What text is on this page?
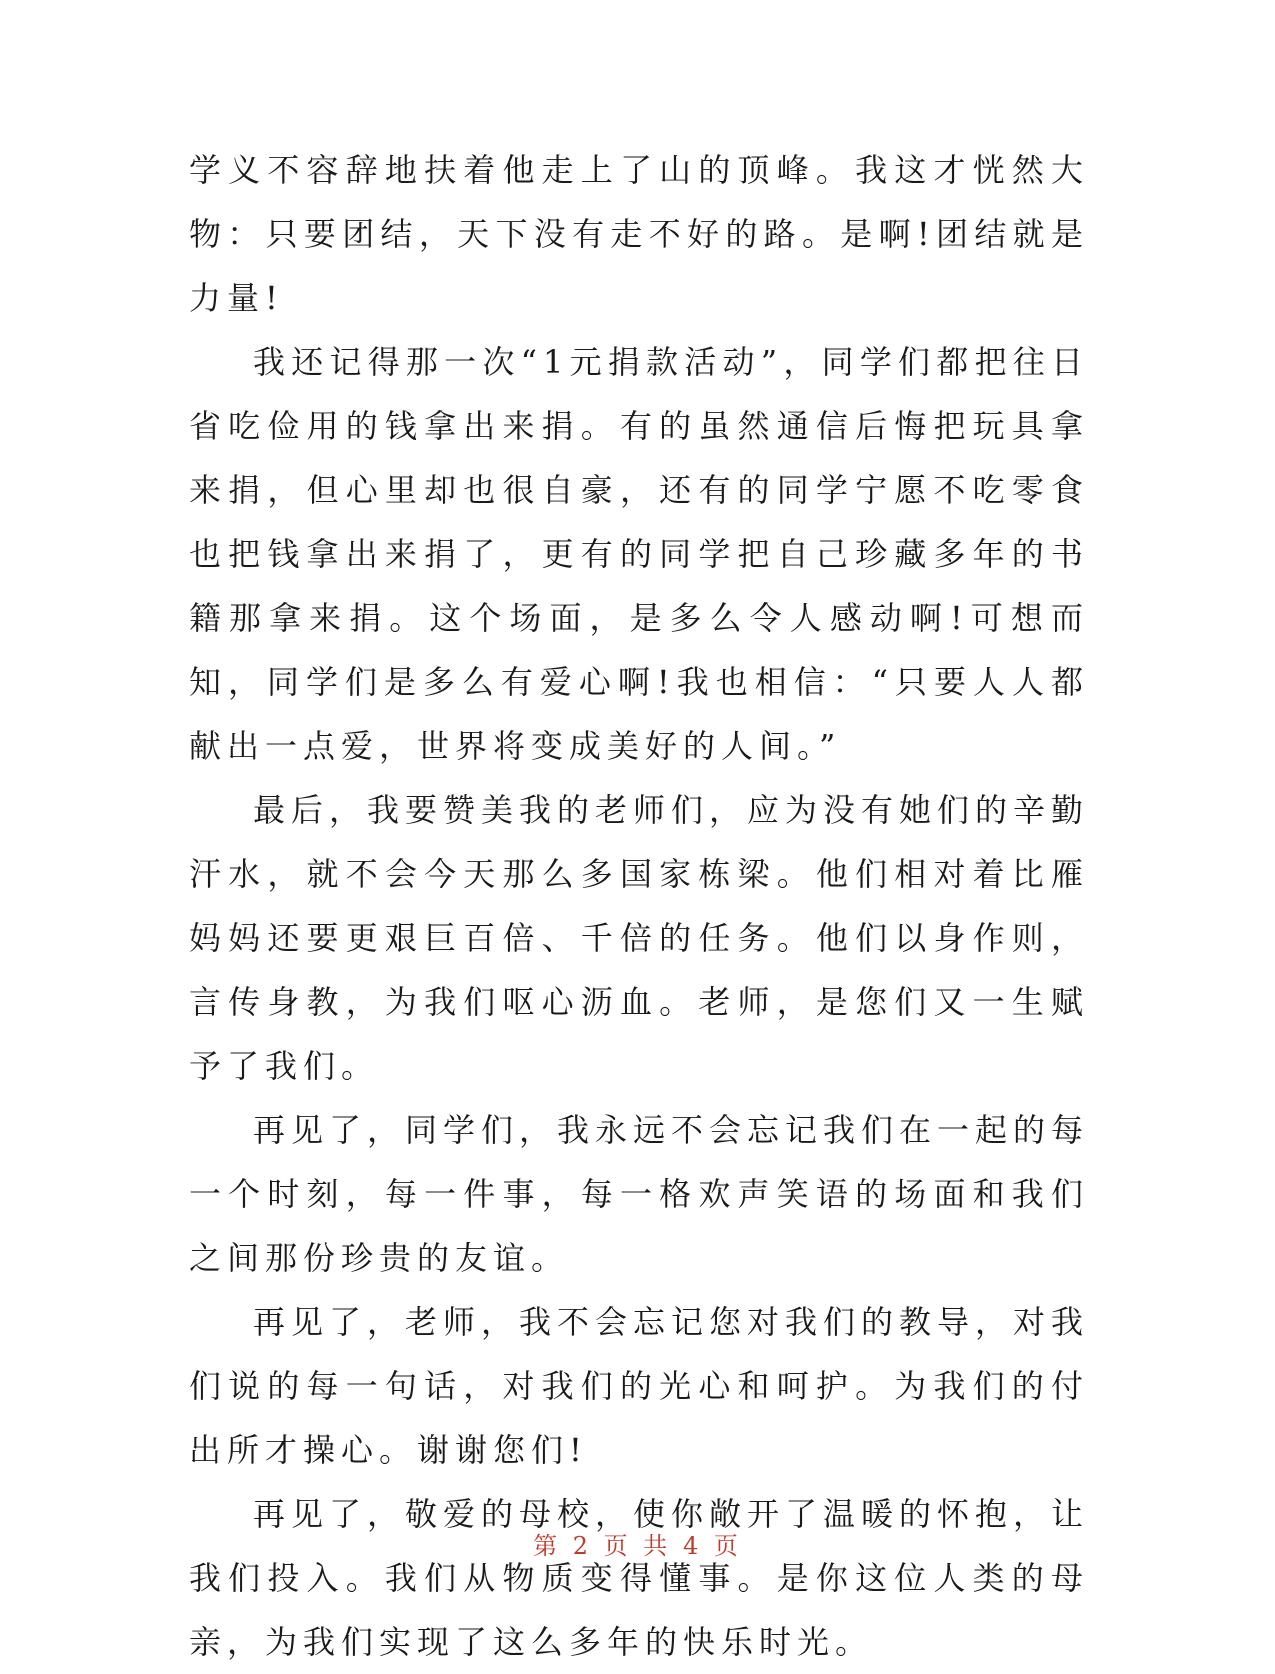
学义不容辞地扶着他走上了山的顶峰。我这才恍然大物：只要团结，天下没有走不好的路。是啊!团结就是力量!

我还记得那一次“1元捐款活动”，同学们都把往日省吃俭用的钱拿出来捐。有的虽然通信后悔把玩具拿来捐，但心里却也很自豪，还有的同学宁愿不吃零食也把钱拿出来捐了，更有的同学把自己珍藏多年的书籍那拿来捐。这个场面，是多么令人感动啊!可想而知，同学们是多么有爱心啊!我也相信：“只要人人都献出一点爱，世界将变成美好的人间。”

最后，我要赞美我的老师们，应为没有她们的辛勤汗水，就不会今天那么多国家栋梁。他们相对着比雁妈妈还要更艰巨百倍、千倍的任务。他们以身作则，言传身教，为我们呕心沥血。老师，是您们又一生赋予了我们。

再见了，同学们，我永远不会忘记我们在一起的每一个时刻，每一件事，每一格欢声笑语的场面和我们之间那份珍贵的友谊。

再见了，老师，我不会忘记您对我们的教导，对我们说的每一句话，对我们的光心和呵护。为我们的付出所才操心。谢谢您们!

再见了，敬爱的母校，使你敞开了温暖的怀抱，让我们投入。我们从物质变得懂事。是你这位人类的母亲，为我们实现了这么多年的快乐时光。

第 2 页 共 4 页
